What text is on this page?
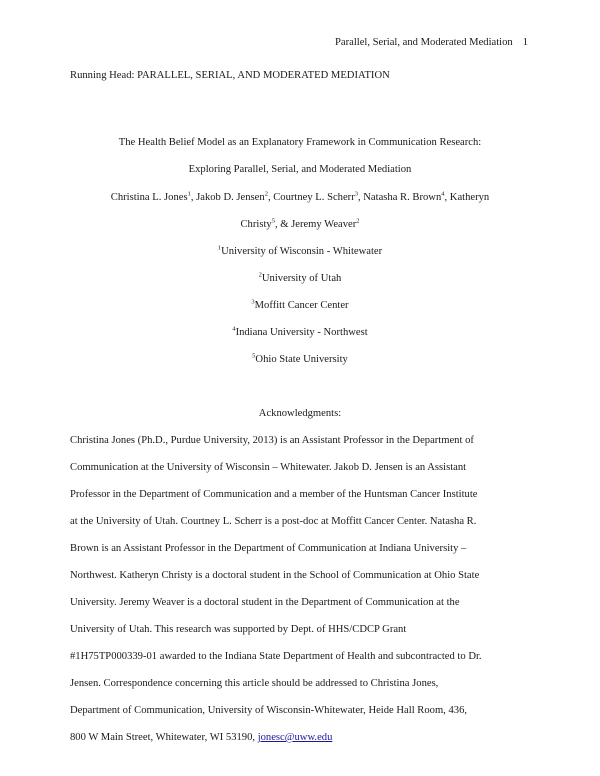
Parallel, Serial, and Moderated Mediation 1
Running Head: PARALLEL, SERIAL, AND MODERATED MEDIATION
The Health Belief Model as an Explanatory Framework in Communication Research:
Exploring Parallel, Serial, and Moderated Mediation
Christina L. Jones$^1$, Jakob D. Jensen$^2$, Courtney L. Scherr$^3$, Natasha R. Brown$^4$, Katheryn
Christy$^5$, & Jeremy Weaver$^2$
$^1$University of Wisconsin - Whitewater
$^2$University of Utah
$^3$Moffitt Cancer Center
$^4$Indiana University - Northwest
$^5$Ohio State University
Acknowledgments:
Christina Jones (Ph.D., Purdue University, 2013) is an Assistant Professor in the Department of
Communication at the University of Wisconsin – Whitewater. Jakob D. Jensen is an Assistant
Professor in the Department of Communication and a member of the Huntsman Cancer Institute
at the University of Utah. Courtney L. Scherr is a post-doc at Moffitt Cancer Center. Natasha R.
Brown is an Assistant Professor in the Department of Communication at Indiana University –
Northwest. Katheryn Christy is a doctoral student in the School of Communication at Ohio State
University. Jeremy Weaver is a doctoral student in the Department of Communication at the
University of Utah. This research was supported by Dept. of HHS/CDCP Grant
#1H75TP000339-01 awarded to the Indiana State Department of Health and subcontracted to Dr.
Jensen. Correspondence concerning this article should be addressed to Christina Jones,
Department of Communication, University of Wisconsin-Whitewater, Heide Hall Room, 436,
800 W Main Street, Whitewater, WI 53190, jonesc@uww.edu
